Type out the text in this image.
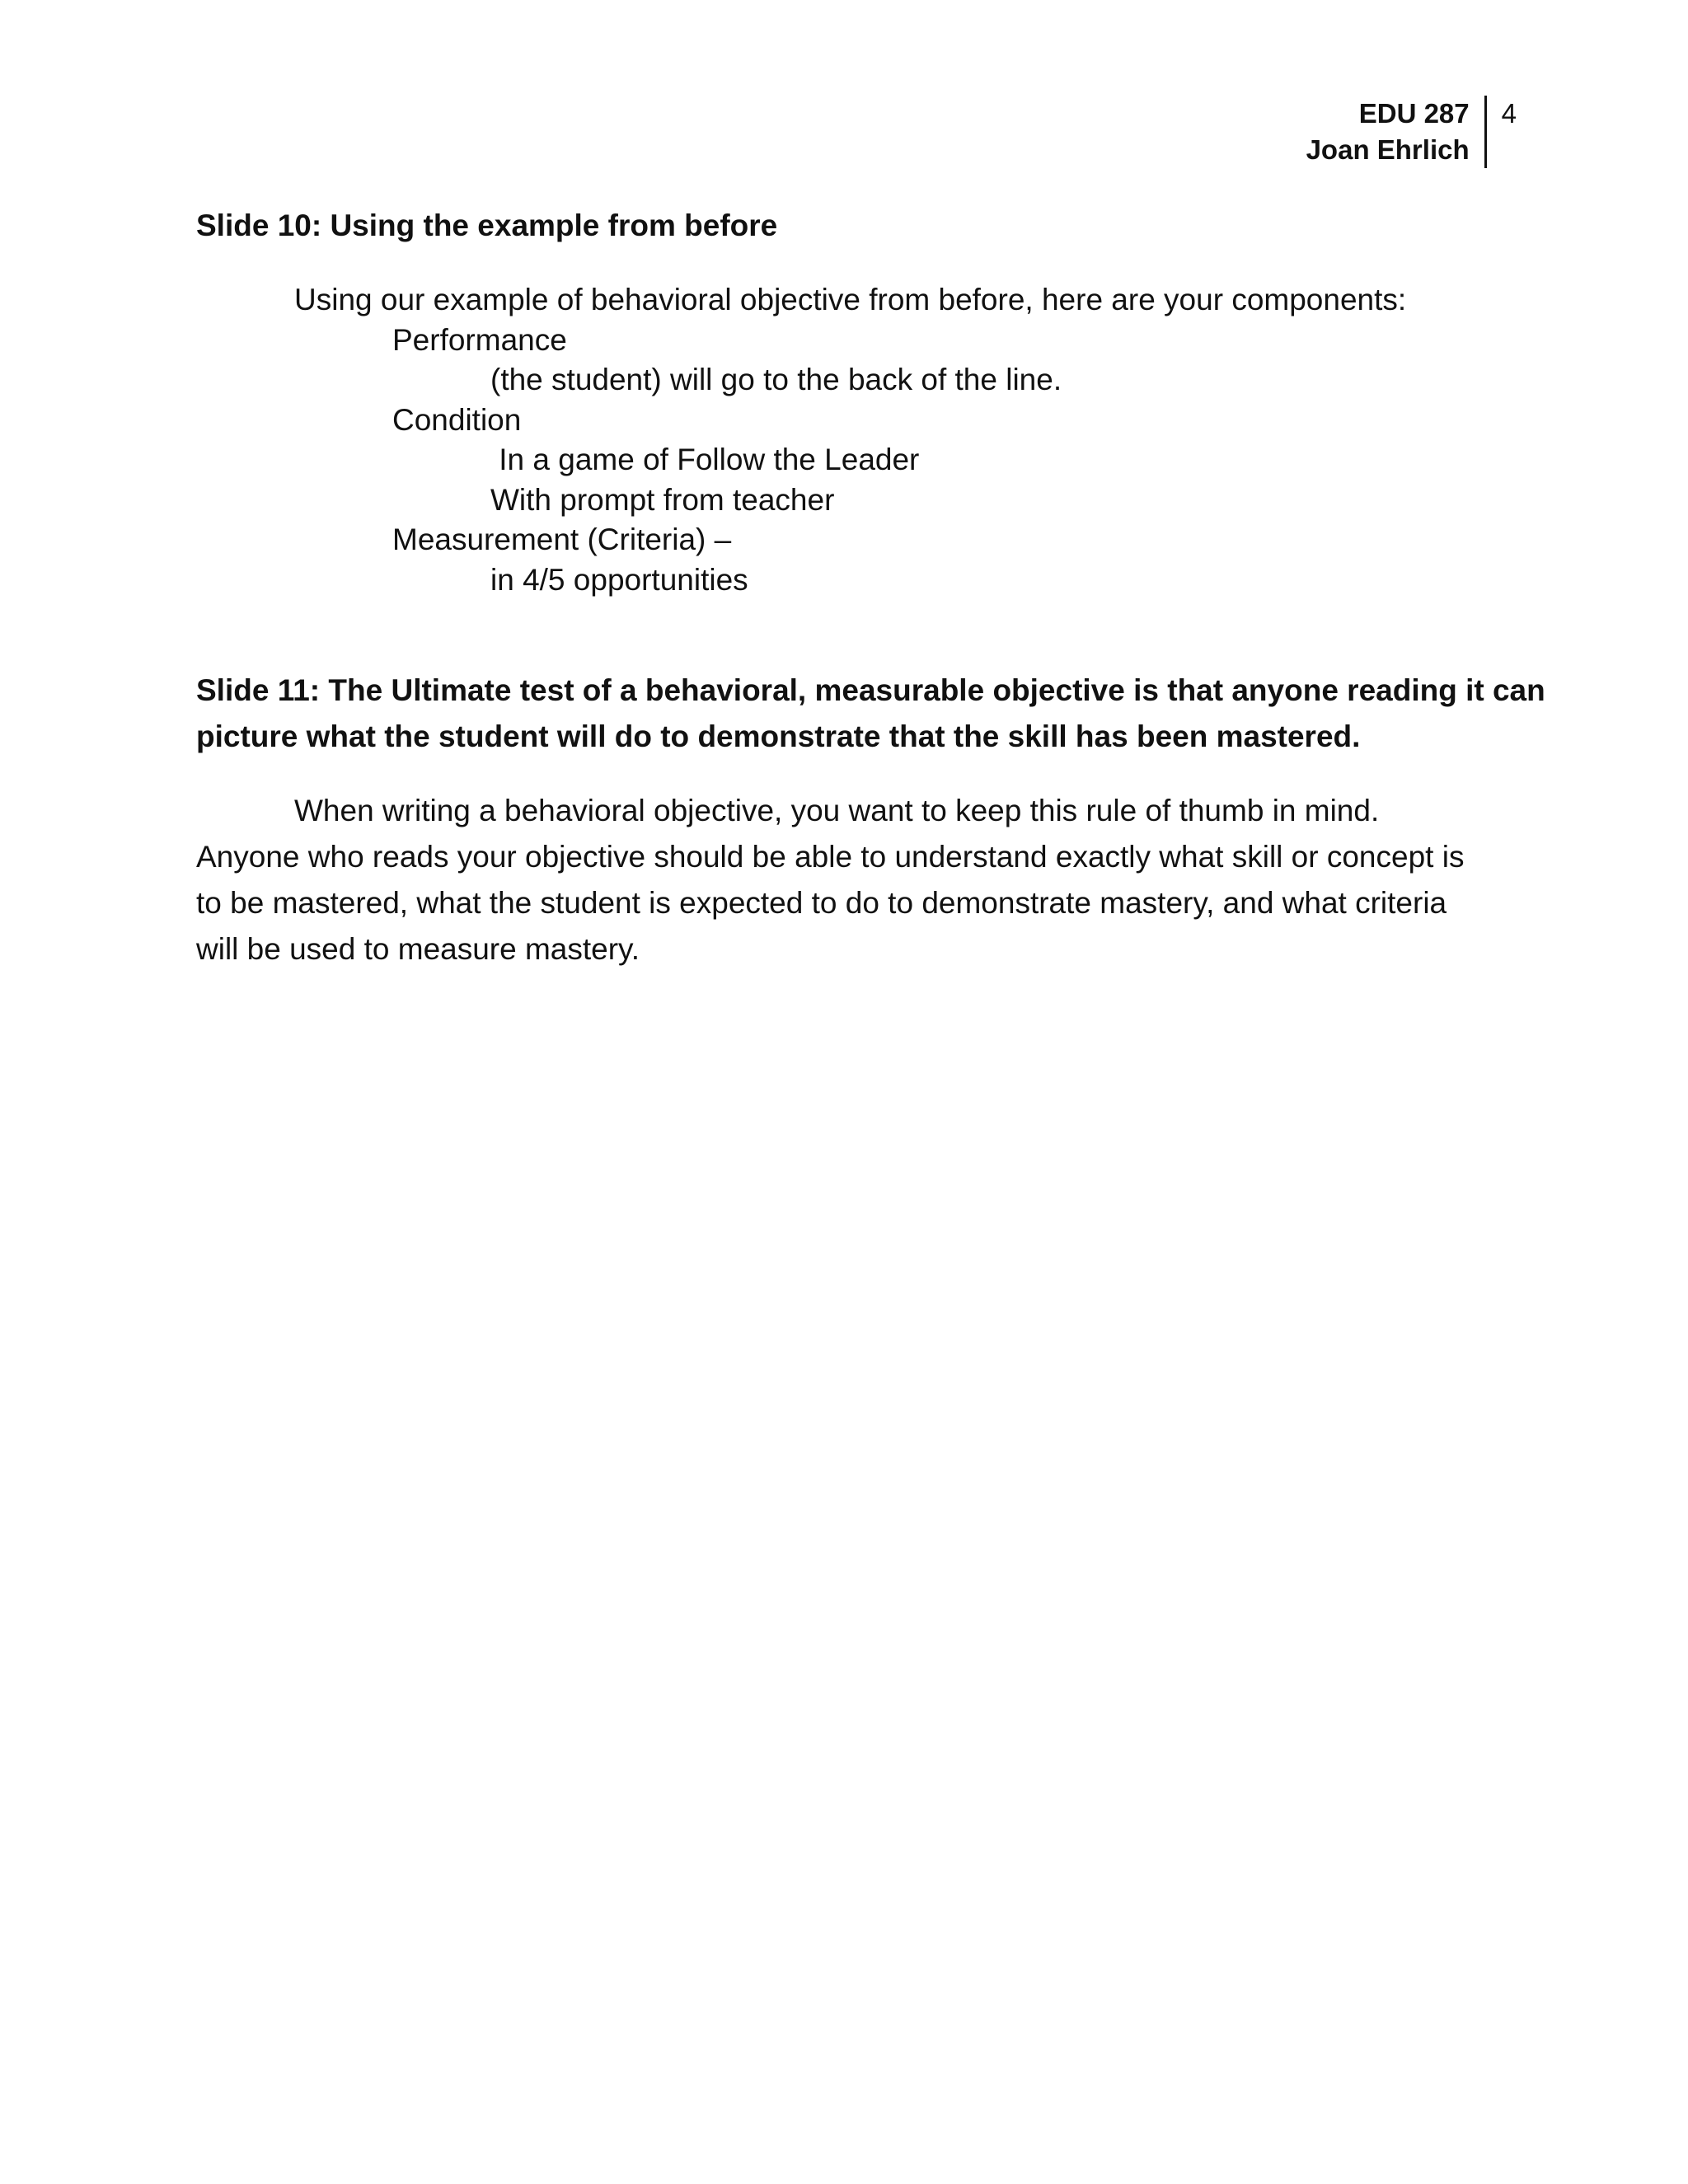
EDU 287
Joan Ehrlich
4
Slide 10: Using the example from before
Using our example of behavioral objective from before, here are your components:
Performance
(the student) will go to the back of the line.
Condition
In a game of Follow the Leader
With prompt from teacher
Measurement (Criteria) –
in 4/5 opportunities
Slide 11: The Ultimate test of a behavioral, measurable objective is that anyone reading it can
picture what the student will do to demonstrate that the skill has been mastered.
When writing a behavioral objective, you want to keep this rule of thumb in mind.
Anyone who reads your objective should be able to understand exactly what skill or concept is
to be mastered, what the student is expected to do to demonstrate mastery, and what criteria
will be used to measure mastery.
